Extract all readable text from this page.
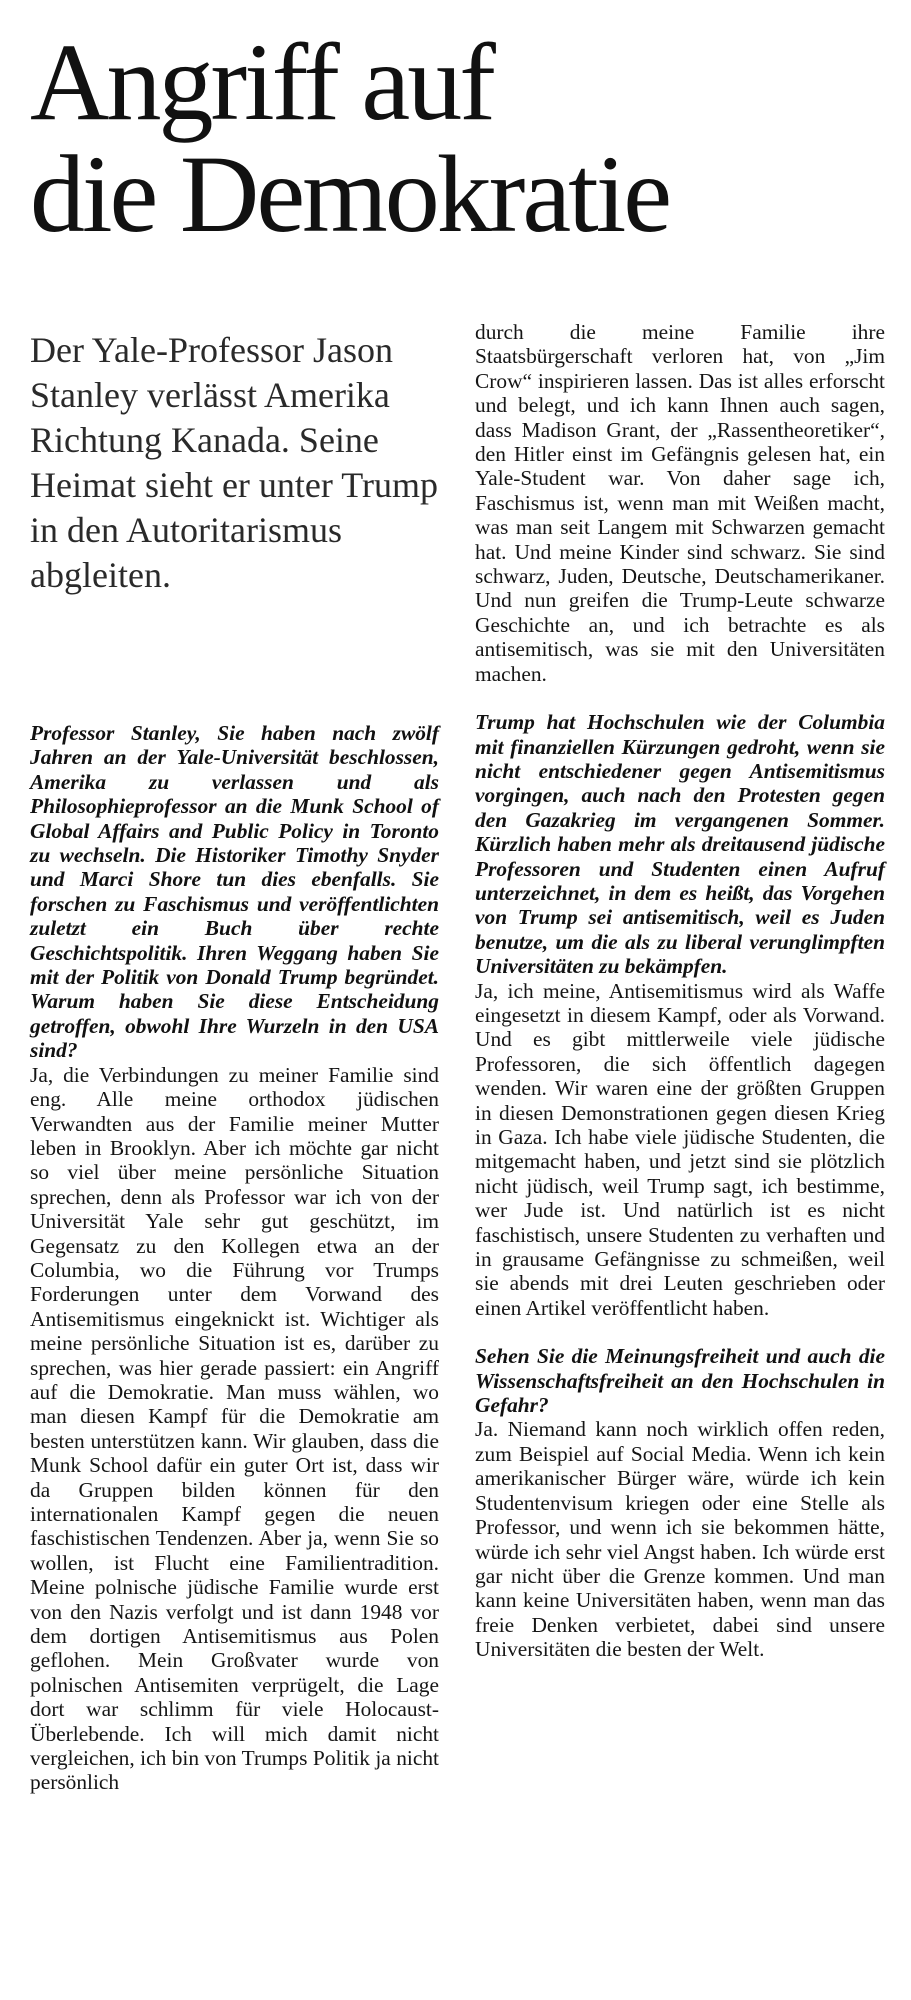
Angriff auf
die Demokratie

Der Yale-Professor Jason Stanley verlässt Amerika Richtung Kanada. Seine Heimat sieht er unter Trump in den Autoritarismus abgleiten.

Professor Stanley, Sie haben nach zwölf Jahren an der Yale-Universität beschlossen, Amerika zu verlassen und als Philosophieprofessor an die Munk School of Global Affairs and Public Policy in Toronto zu wechseln. Die Historiker Timothy Snyder und Marci Shore tun dies ebenfalls. Sie forschen zu Faschismus und veröffentlichten zuletzt ein Buch über rechte Geschichtspolitik. Ihren Weggang haben Sie mit der Politik von Donald Trump begründet. Warum haben Sie diese Entscheidung getroffen, obwohl Ihre Wurzeln in den USA sind?

Ja, die Verbindungen zu meiner Familie sind eng. Alle meine orthodox jüdischen Verwandten aus der Familie meiner Mutter leben in Brooklyn. Aber ich möchte gar nicht so viel über meine persönliche Situation sprechen, denn als Professor war ich von der Universität Yale sehr gut geschützt, im Gegensatz zu den Kollegen etwa an der Columbia, wo die Führung vor Trumps Forderungen unter dem Vorwand des Antisemitismus eingeknickt ist. Wichtiger als meine persönliche Situation ist es, darüber zu sprechen, was hier gerade passiert: ein Angriff auf die Demokratie. Man muss wählen, wo man diesen Kampf für die Demokratie am besten unterstützen kann. Wir glauben, dass die Munk School dafür ein guter Ort ist, dass wir da Gruppen bilden können für den internationalen Kampf gegen die neuen faschistischen Tendenzen. Aber ja, wenn Sie so wollen, ist Flucht eine Familientradition. Meine polnische jüdische Familie wurde erst von den Nazis verfolgt und ist dann 1948 vor dem dortigen Antisemitismus aus Polen geflohen. Mein Großvater wurde von polnischen Antisemiten verprügelt, die Lage dort war schlimm für viele Holocaust-Überlebende. Ich will mich damit nicht vergleichen, ich bin von Trumps Politik ja nicht persönlich

durch die meine Familie ihre Staatsbürgerschaft verloren hat, von „Jim Crow“ inspirieren lassen. Das ist alles erforscht und belegt, und ich kann Ihnen auch sagen, dass Madison Grant, der „Rassentheoretiker“, den Hitler einst im Gefängnis gelesen hat, ein Yale-Student war. Von daher sage ich, Faschismus ist, wenn man mit Weißen macht, was man seit Langem mit Schwarzen gemacht hat. Und meine Kinder sind schwarz. Sie sind schwarz, Juden, Deutsche, Deutschamerikaner. Und nun greifen die Trump-Leute schwarze Geschichte an, und ich betrachte es als antisemitisch, was sie mit den Universitäten machen.

Trump hat Hochschulen wie der Columbia mit finanziellen Kürzungen gedroht, wenn sie nicht entschiedener gegen Antisemitismus vorgingen, auch nach den Protesten gegen den Gazakrieg im vergangenen Sommer. Kürzlich haben mehr als dreitausend jüdische Professoren und Studenten einen Aufruf unterzeichnet, in dem es heißt, das Vorgehen von Trump sei antisemitisch, weil es Juden benutze, um die als zu liberal verunglimpften Universitäten zu bekämpfen.

Ja, ich meine, Antisemitismus wird als Waffe eingesetzt in diesem Kampf, oder als Vorwand. Und es gibt mittlerweile viele jüdische Professoren, die sich öffentlich dagegen wenden. Wir waren eine der größten Gruppen in diesen Demonstrationen gegen diesen Krieg in Gaza. Ich habe viele jüdische Studenten, die mitgemacht haben, und jetzt sind sie plötzlich nicht jüdisch, weil Trump sagt, ich bestimme, wer Jude ist. Und natürlich ist es nicht faschistisch, unsere Studenten zu verhaften und in grausame Gefängnisse zu schmeißen, weil sie abends mit drei Leuten geschrieben oder einen Artikel veröffentlicht haben.

Sehen Sie die Meinungsfreiheit und auch die Wissenschaftsfreiheit an den Hochschulen in Gefahr?

Ja. Niemand kann noch wirklich offen reden, zum Beispiel auf Social Media. Wenn ich kein amerikanischer Bürger wäre, würde ich kein Studentenvisum kriegen oder eine Stelle als Professor, und wenn ich sie bekommen hätte, würde ich sehr viel Angst haben. Ich würde erst gar nicht über die Grenze kommen. Und man kann keine Universitäten haben, wenn man das freie Denken verbietet, dabei sind unsere Universitäten die besten der Welt.
